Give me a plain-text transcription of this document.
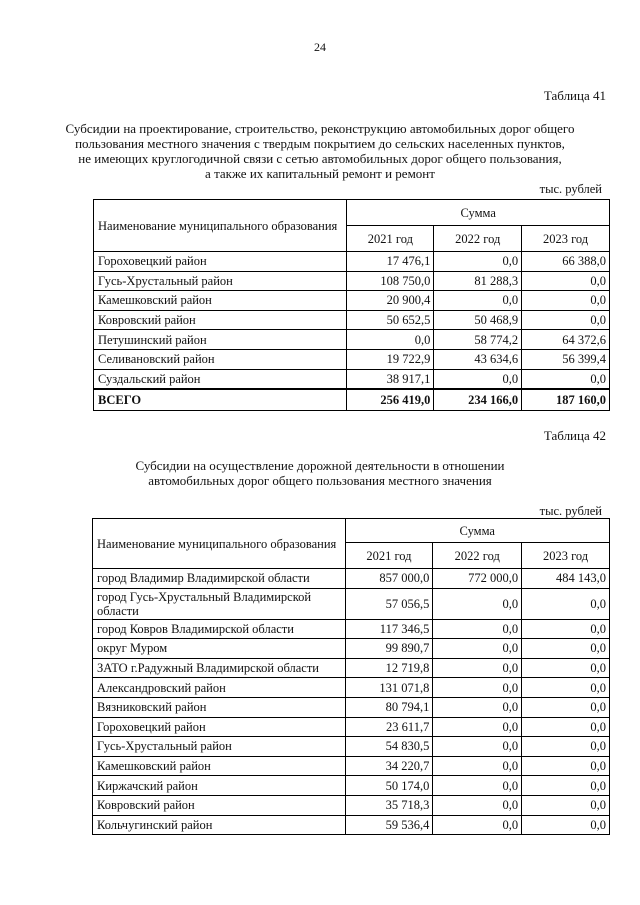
24
Таблица 41
Субсидии на проектирование, строительство, реконструкцию автомобильных дорог общего
пользования местного значения с твердым покрытием до сельских населенных пунктов,
не имеющих круглогодичной связи с сетью автомобильных дорог общего пользования,
а также их капитальный ремонт и ремонт
тыс. рублей
Наименование муниципального образования	Сумма		
	2021 год	2022 год	2023 год
Гороховецкий район	17 476,1	0,0	66 388,0
Гусь-Хрустальный район	108 750,0	81 288,3	0,0
Камешковский район	20 900,4	0,0	0,0
Ковровский район	50 652,5	50 468,9	0,0
Петушинский район	0,0	58 774,2	64 372,6
Селивановский район	19 722,9	43 634,6	56 399,4
Суздальский район	38 917,1	0,0	0,0
ВСЕГО	256 419,0	234 166,0	187 160,0
Таблица 42
Субсидии на осуществление дорожной деятельности в отношении
автомобильных дорог общего пользования местного значения
тыс. рублей
Наименование муниципального образования	Сумма		
	2021 год	2022 год	2023 год
город Владимир Владимирской области	857 000,0	772 000,0	484 143,0

город Гусь-Хрустальный Владимирской
области	57 056,5	0,0	0,0
город Ковров Владимирской области	117 346,5	0,0	0,0
округ Муром	99 890,7	0,0	0,0
ЗАТО г.Радужный Владимирской области	12 719,8	0,0	0,0
Александровский район	131 071,8	0,0	0,0
Вязниковский район	80 794,1	0,0	0,0
Гороховецкий район	23 611,7	0,0	0,0
Гусь-Хрустальный район	54 830,5	0,0	0,0
Камешковский район	34 220,7	0,0	0,0
Киржачский район	50 174,0	0,0	0,0
Ковровский район	35 718,3	0,0	0,0
Кольчугинский район	59 536,4	0,0	0,0
